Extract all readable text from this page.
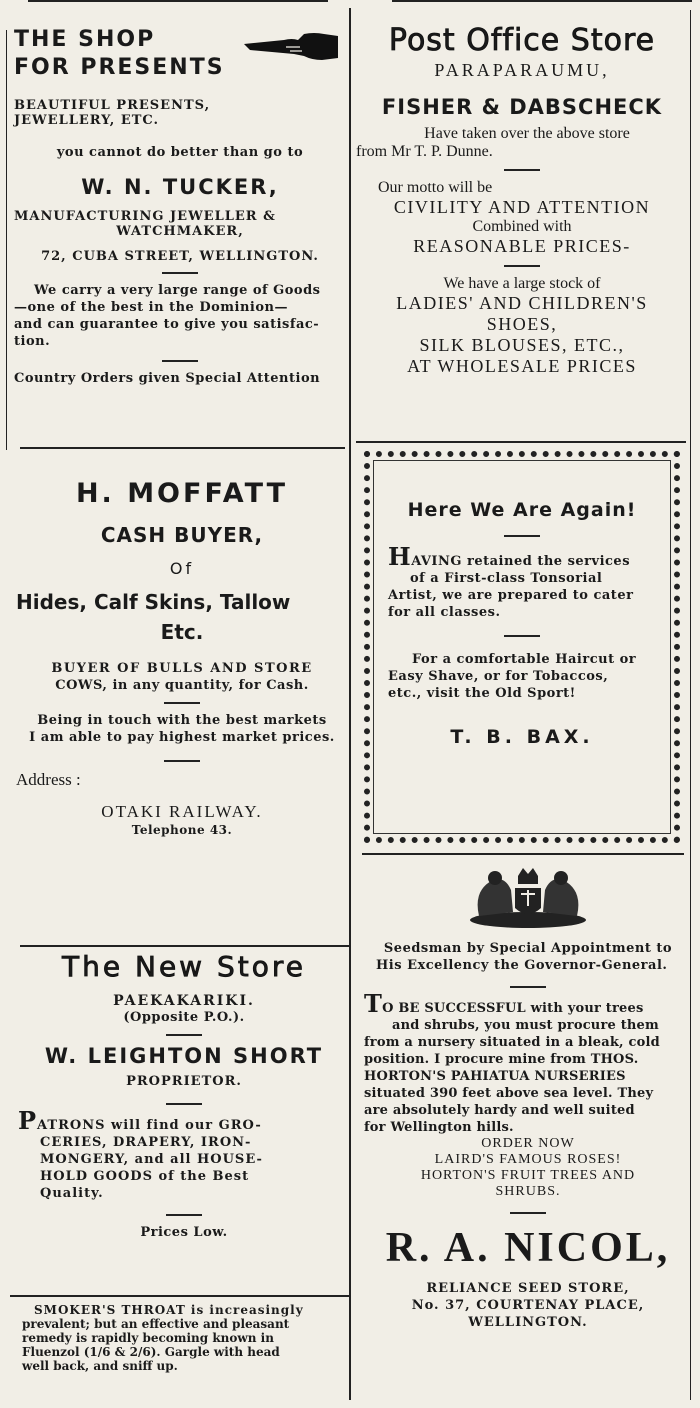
THE SHOP
FOR PRESENTS
BEAUTIFUL PRESENTS,
JEWELLERY, ETC.
you cannot do better than go to
W. N. TUCKER,
MANUFACTURING JEWELLER &
WATCHMAKER,
72, CUBA STREET, WELLINGTON.
We carry a very large range of Goods
—one of the best in the Dominion—
and can guarantee to give you satisfac-
tion.
Country Orders given Special Attention
Post Office Store
PARAPARAUMU,
FISHER & DABSCHECK
Have taken over the above store
from Mr T. P. Dunne.
Our motto will be
CIVILITY AND ATTENTION
Combined with
REASONABLE PRICES-
We have a large stock of
LADIES' AND CHILDREN'S
SHOES,
SILK BLOUSES, ETC.,
AT WHOLESALE PRICES
H. MOFFATT
CASH BUYER,
Of
Hides, Calf Skins, Tallow
Etc.
BUYER OF BULLS AND STORE
COWS, in any quantity, for Cash.
Being in touch with the best markets
I am able to pay highest market prices.
Address :
OTAKI RAILWAY.
Telephone 43.
Here We Are Again!
HAVING retained the services
of a First-class Tonsorial
Artist, we are prepared to cater
for all classes.
For a comfortable Haircut or
Easy Shave, or for Tobaccos,
etc., visit the Old Sport!
T. B. BAX.
The New Store
PAEKAKARIKI.
(Opposite P.O.).
W. LEIGHTON SHORT
PROPRIETOR.
PATRONS will find our GRO-
CERIES, DRAPERY, IRON-
MONGERY, and all HOUSE-
HOLD GOODS of the Best
Quality.
Prices Low.
SMOKER'S THROAT is increasingly
prevalent; but an effective and pleasant
remedy is rapidly becoming known in
Fluenzol (1/6 & 2/6). Gargle with head
well back, and sniff up.
Seedsman by Special Appointment to
His Excellency the Governor-General.
TO BE SUCCESSFUL with your trees
and shrubs, you must procure them
from a nursery situated in a bleak, cold
position. I procure mine from THOS.
HORTON'S PAHIATUA NURSERIES
situated 390 feet above sea level. They
are absolutely hardy and well suited
for Wellington hills.
ORDER NOW
LAIRD'S FAMOUS ROSES!
HORTON'S FRUIT TREES AND
SHRUBS.
R. A. NICOL,
RELIANCE SEED STORE,
No. 37, COURTENAY PLACE,
WELLINGTON.
